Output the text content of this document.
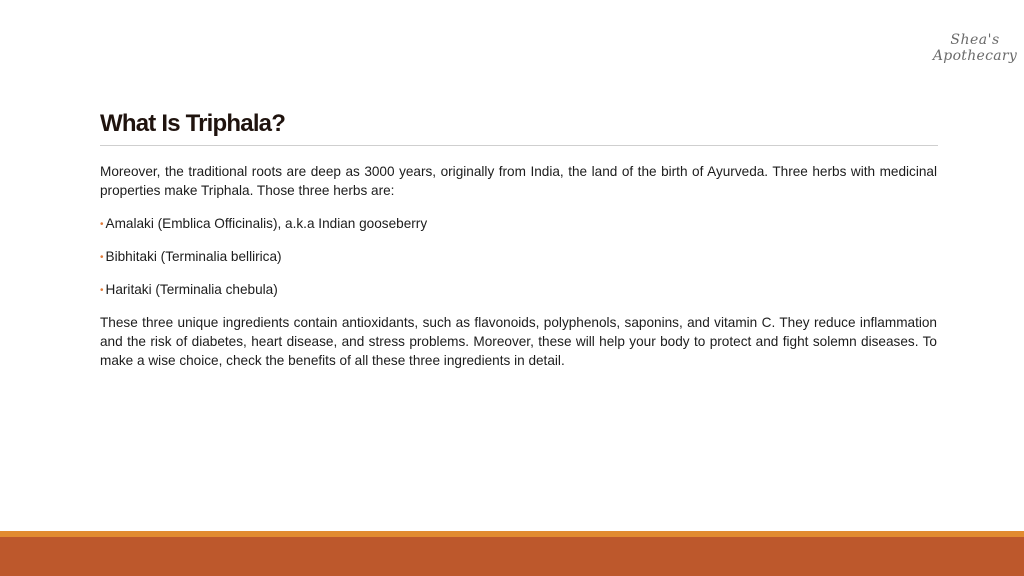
Shea's
Apothecary
What Is Triphala?

Moreover, the traditional roots are deep as 3000 years, originally from India, the land of the birth of Ayurveda. Three herbs with medicinal properties make Triphala. Those three herbs are:

• Amalaki (Emblica Officinalis), a.k.a Indian gooseberry
• Bibhitaki (Terminalia bellirica)
• Haritaki (Terminalia chebula)

These three unique ingredients contain antioxidants, such as flavonoids, polyphenols, saponins, and vitamin C. They reduce inflammation and the risk of diabetes, heart disease, and stress problems. Moreover, these will help your body to protect and fight solemn diseases. To make a wise choice, check the benefits of all these three ingredients in detail.
